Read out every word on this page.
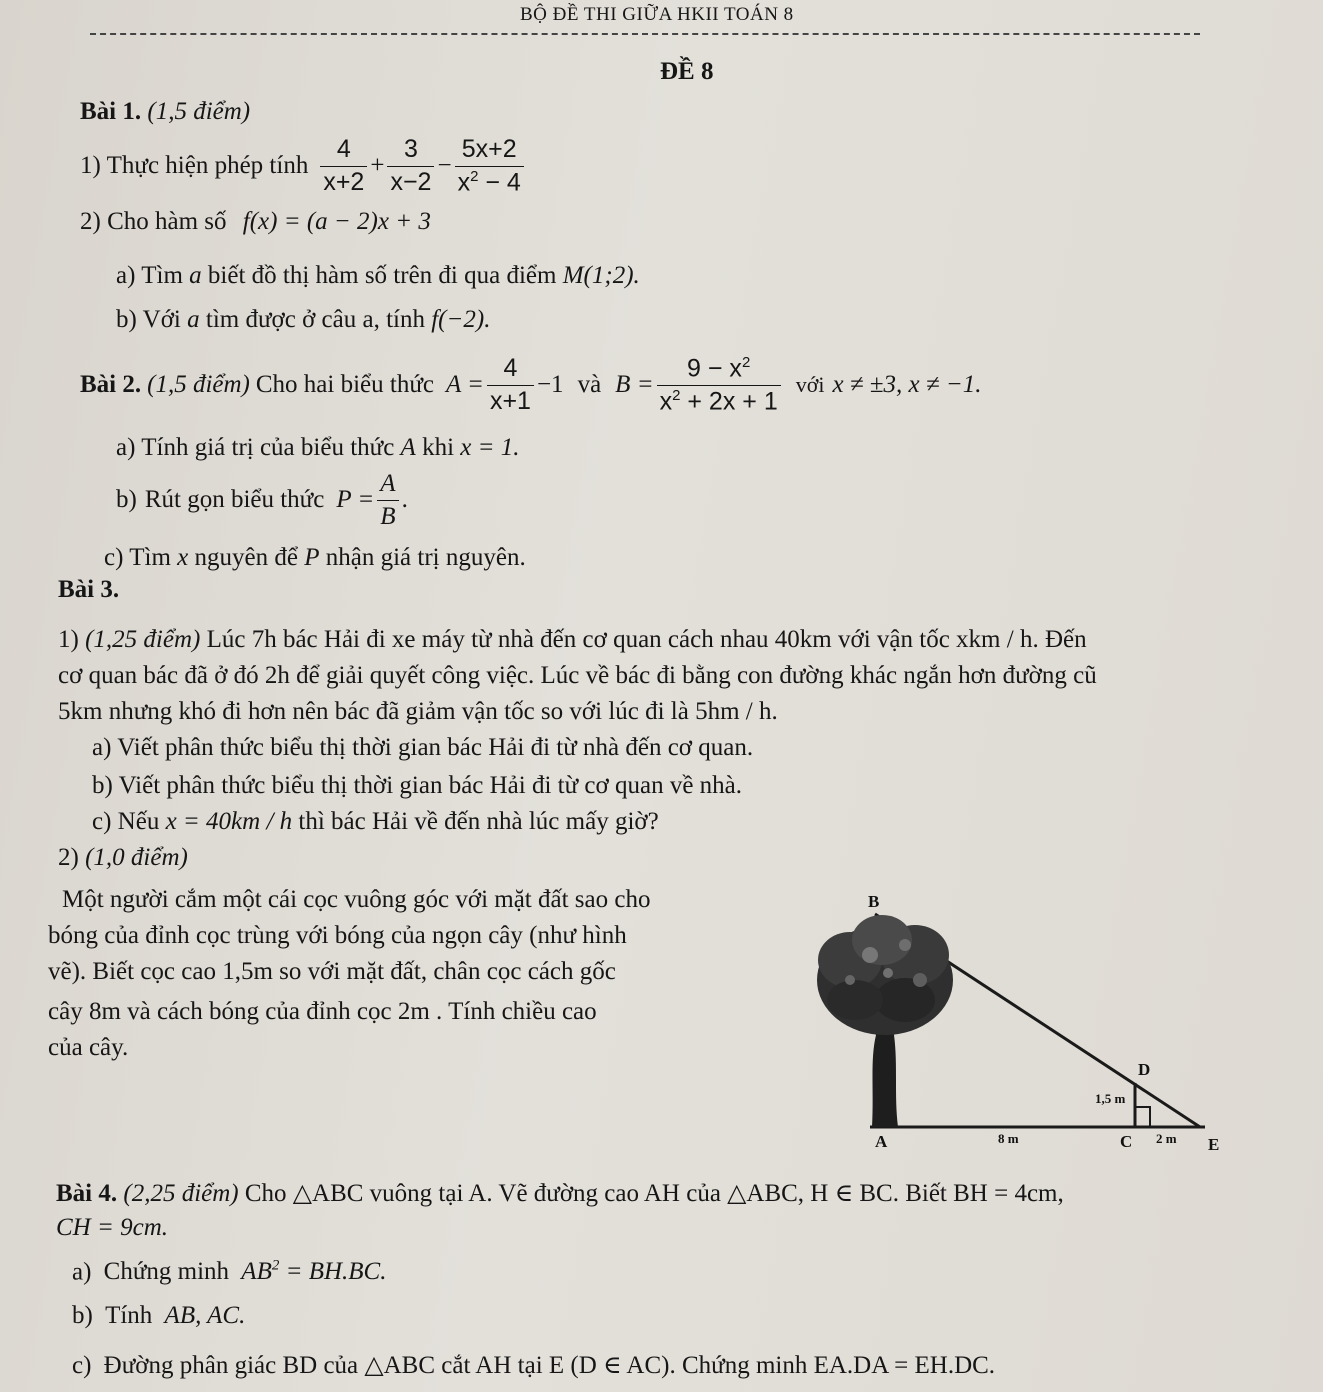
BỘ ĐỀ THI GIỮA HKII TOÁN 8
ĐỀ 8
Bài 1. (1,5 điểm)
1) Thực hiện phép tính $\frac{4}{x+2} + \frac{3}{x-2} - \frac{5x+2}{x^2 - 4}$
2) Cho hàm số f(x) = (a − 2)x + 3
a) Tìm a biết đồ thị hàm số trên đi qua điểm M(1;2).
b) Với a tìm được ở câu a, tính f(−2).
Bài 2. (1,5 điểm) Cho hai biểu thức $A = \frac{4}{x+1} -1$ và $B = \frac{9 - x^2}{x^2 + 2x + 1}$ với x ≠ ±3, x ≠ −1.
a) Tính giá trị của biểu thức A khi x = 1.
b) Rút gọn biểu thức $P = \frac{A}{B}$ .
c) Tìm x nguyên để P nhận giá trị nguyên.
Bài 3.
1) (1,25 điểm) Lúc 7h bác Hải đi xe máy từ nhà đến cơ quan cách nhau 40km với vận tốc xkm / h. Đến
cơ quan bác đã ở đó 2h để giải quyết công việc. Lúc về bác đi bằng con đường khác ngắn hơn đường cũ
5km nhưng khó đi hơn nên bác đã giảm vận tốc so với lúc đi là 5hm / h.
a) Viết phân thức biểu thị thời gian bác Hải đi từ nhà đến cơ quan.
b) Viết phân thức biểu thị thời gian bác Hải đi từ cơ quan về nhà.
c) Nếu x = 40km / h thì bác Hải về đến nhà lúc mấy giờ?
2) (1,0 điểm)
Một người cắm một cái cọc vuông góc với mặt đất sao cho
bóng của đỉnh cọc trùng với bóng của ngọn cây (như hình
vẽ). Biết cọc cao 1,5m so với mặt đất, chân cọc cách gốc
cây 8m và cách bóng của đỉnh cọc 2m . Tính chiều cao
của cây.
B
D
A	C	E
8 m	2 m
1,5 m
Bài 4. (2,25 điểm) Cho △ABC vuông tại A. Vẽ đường cao AH của △ABC, H ∈ BC. Biết BH = 4cm,
CH = 9cm.
a) Chứng minh $AB^2 = BH.BC$.
b) Tính AB, AC.
c) Đường phân giác BD của △ABC cắt AH tại E (D ∈ AC). Chứng minh EA.DA = EH.DC.
